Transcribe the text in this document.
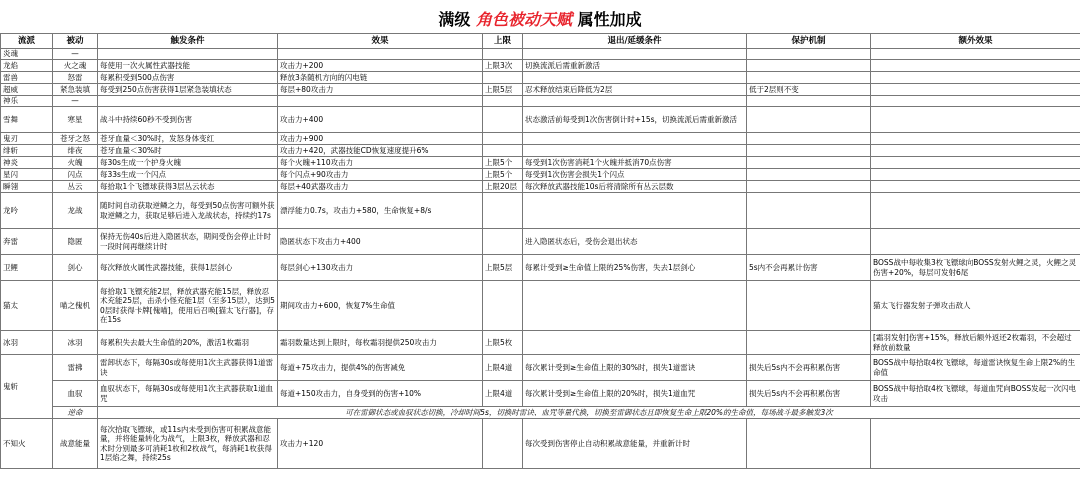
满级 角色被动天赋 属性加成
流派	被动	触发条件	效果	上限	退出/延缓条件	保护机制	额外效果
炎魂	—						
龙焰	火之魂	每使用一次火属性武器技能	攻击力+200	上限3次	切换流派后需重新激活		
雷兽	怒雷	每累积受到500点伤害	释放3条随机方向的闪电链				
超威	紧急装填	每受到250点伤害获得1层紧急装填状态	每层+80攻击力	上限5层	忍术释放结束后降低为2层	低于2层则不变	
神乐	—						
雪舞	寒星	战斗中持续60秒不受到伤害	攻击力+400		状态激活前每受到1次伤害倒计时+15s，切换流派后需重新激活		
鬼刃	苍牙之怒	苍牙血量＜30%时，发怒身体变红	攻击力+900				
绯斩	绯夜	苍牙血量＜30%时	攻击力+420，武器技能CD恢复速度提升6%				
神炎	火魄	每30s生成一个护身火魄	每个火魄+110攻击力	上限5个	每受到1次伤害消耗1个火魄并抵消70点伤害		
星闪	闪点	每33s生成一个闪点	每个闪点+90攻击力	上限5个	每受到1次伤害会损失1个闪点		
瞬翎	丛云	每拾取1个飞镖球获得3层丛云状态	每层+40武器攻击力	上限20层	每次释放武器技能10s后将清除所有丛云层数		
龙吟	龙战	随时间自动获取逆鳞之力，每受到50点伤害可额外获取逆鳞之力，获取足够后进入龙战状态，持续约17s	漂浮能力0.7s，攻击力+580，生命恢复+8/s				
奔雷	隐匿	保持无伤40s后进入隐匿状态，期间受伤会停止计时一段时间再继续计时	隐匿状态下攻击力+400		进入隐匿状态后，受伤会退出状态		
卫鲤	剑心	每次释放火属性武器技能，获得1层剑心	每层剑心+130攻击力	上限5层	每累计受到≥生命值上限的25%伤害，失去1层剑心	5s内不会再累计伤害	BOSS战中每收集3枚飞镖球向BOSS发射火鲤之灵，火鲤之灵伤害+20%，每层可发射6尾
猫太	喵之傀机	每拾取1飞镖充能2层，释放武器充能15层，释放忍术充能25层，击杀小怪充能1层（至多15层），达到50层时获得卡牌[傀喵]，使用后召唤[猫太飞行器]，存在15s	期间攻击力+600，恢复7%生命值				猫太飞行器发射子弹攻击敌人
冰羽	冰羽	每累积失去最大生命值的20%，激活1枚霜羽	霜羽数量达到上限时，每枚霜羽提供250攻击力	上限5枚			[霜羽发射]伤害+15%，释放后额外返还2枚霜羽，不会超过释放前数量
鬼斩	雷拂	雷卸状态下，每隔30s或每使用1次主武器获得1道雷诀	每道+75攻击力，提供4%的伤害减免	上限4道	每次累计受到≥生命值上限的30%时，损失1道雷诀	损失后5s内不会再积累伤害	BOSS战中每拾取4枚飞镖球，每道雷诀恢复生命上限2%的生命值
	血驭	血驭状态下，每隔30s或每使用1次主武器获取1道血咒	每道+150攻击力，自身受到的伤害+10%	上限4道	每次累计受到≥生命值上限的20%时，损失1道血咒	损失后5s内不会再积累伤害	BOSS战中每拾取4枚飞镖球，每道血咒向BOSS发起一次闪电攻击
	逆命	可在雷御状态或血驭状态切换，冷却时间5s，切换时雷诀、血咒等量代换，切换至雷御状态且即恢复生命上限20%的生命值，每场战斗最多触发3次					
不知火	战意能量	每次拾取飞镖球，或11s内未受到伤害可积累战意能量，并将能量转化为战气，上限3枚，释放武器和忍术时分别最多可消耗1枚和2枚战气，每消耗1枚获得1层焰之舞，持续25s	攻击力+120		每次受到伤害停止自动积累战意能量，并重新计时		
